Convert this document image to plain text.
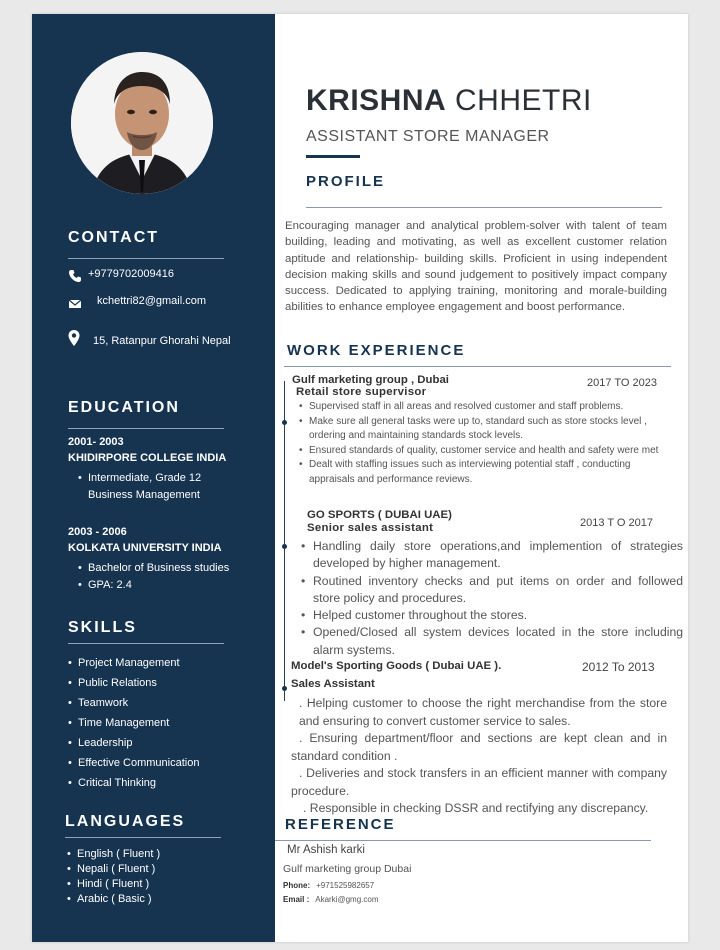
CONTACT
+9779702009416
kchettri82@gmail.com
15, Ratanpur Ghorahi Nepal
EDUCATION
2001- 2003
KHIDIRPORE COLLEGE INDIA
• Intermediate, Grade 12 Business Management
2003 - 2006
KOLKATA UNIVERSITY INDIA
• Bachelor of Business studies
• GPA: 2.4
SKILLS
• Project Management
• Public Relations
• Teamwork
• Time Management
• Leadership
• Effective Communication
• Critical Thinking
LANGUAGES
• English ( Fluent )
• Nepali ( Fluent )
• Hindi ( Fluent )
• Arabic ( Basic )
KRISHNA CHHETRI
ASSISTANT STORE MANAGER
PROFILE
Encouraging manager and analytical problem-solver with talent of team building, leading and motivating, as well as excellent customer relation aptitude and relationship- building skills. Proficient in using independent decision making skills and sound judgement to positively impact company success. Dedicated to applying training, monitoring and morale-building abilities to enhance employee engagement and boost performance.
WORK EXPERIENCE
Gulf marketing group , Dubai	2017 TO 2023
Retail store supervisor
• Supervised staff in all areas and resolved customer and staff problems.
• Make sure all general tasks were up to, standard such as store stocks level , ordering and maintaining standards stock levels.
• Ensured standards of quality, customer service and health and safety were met
• Dealt with staffing issues such as interviewing potential staff , conducting appraisals and performance reviews.
GO SPORTS ( DUBAI UAE)
2013 T O 2017
Senior sales assistant
• Handling daily store operations,and implemention of strategies developed by higher management.
• Routined inventory checks and put items on order and followed store policy and procedures.
• Helped customer throughout the stores.
• Opened/Closed all system devices located in the store including alarm systems.
Model's Sporting Goods ( Dubai UAE ).	2012 To 2013
Sales Assistant

. Helping customer to choose the right merchandise from the store and ensuring to convert customer service to sales.

. Ensuring department/floor and sections are kept clean and in standard condition .

. Deliveries and stock transfers in an efficient manner with company procedure.

. Responsible in checking DSSR and rectifying any discrepancy.

REFERENCE
Mr Ashish karki
Gulf marketing group Dubai
Phone: +971525982657
Email : Akarki@gmg.com
